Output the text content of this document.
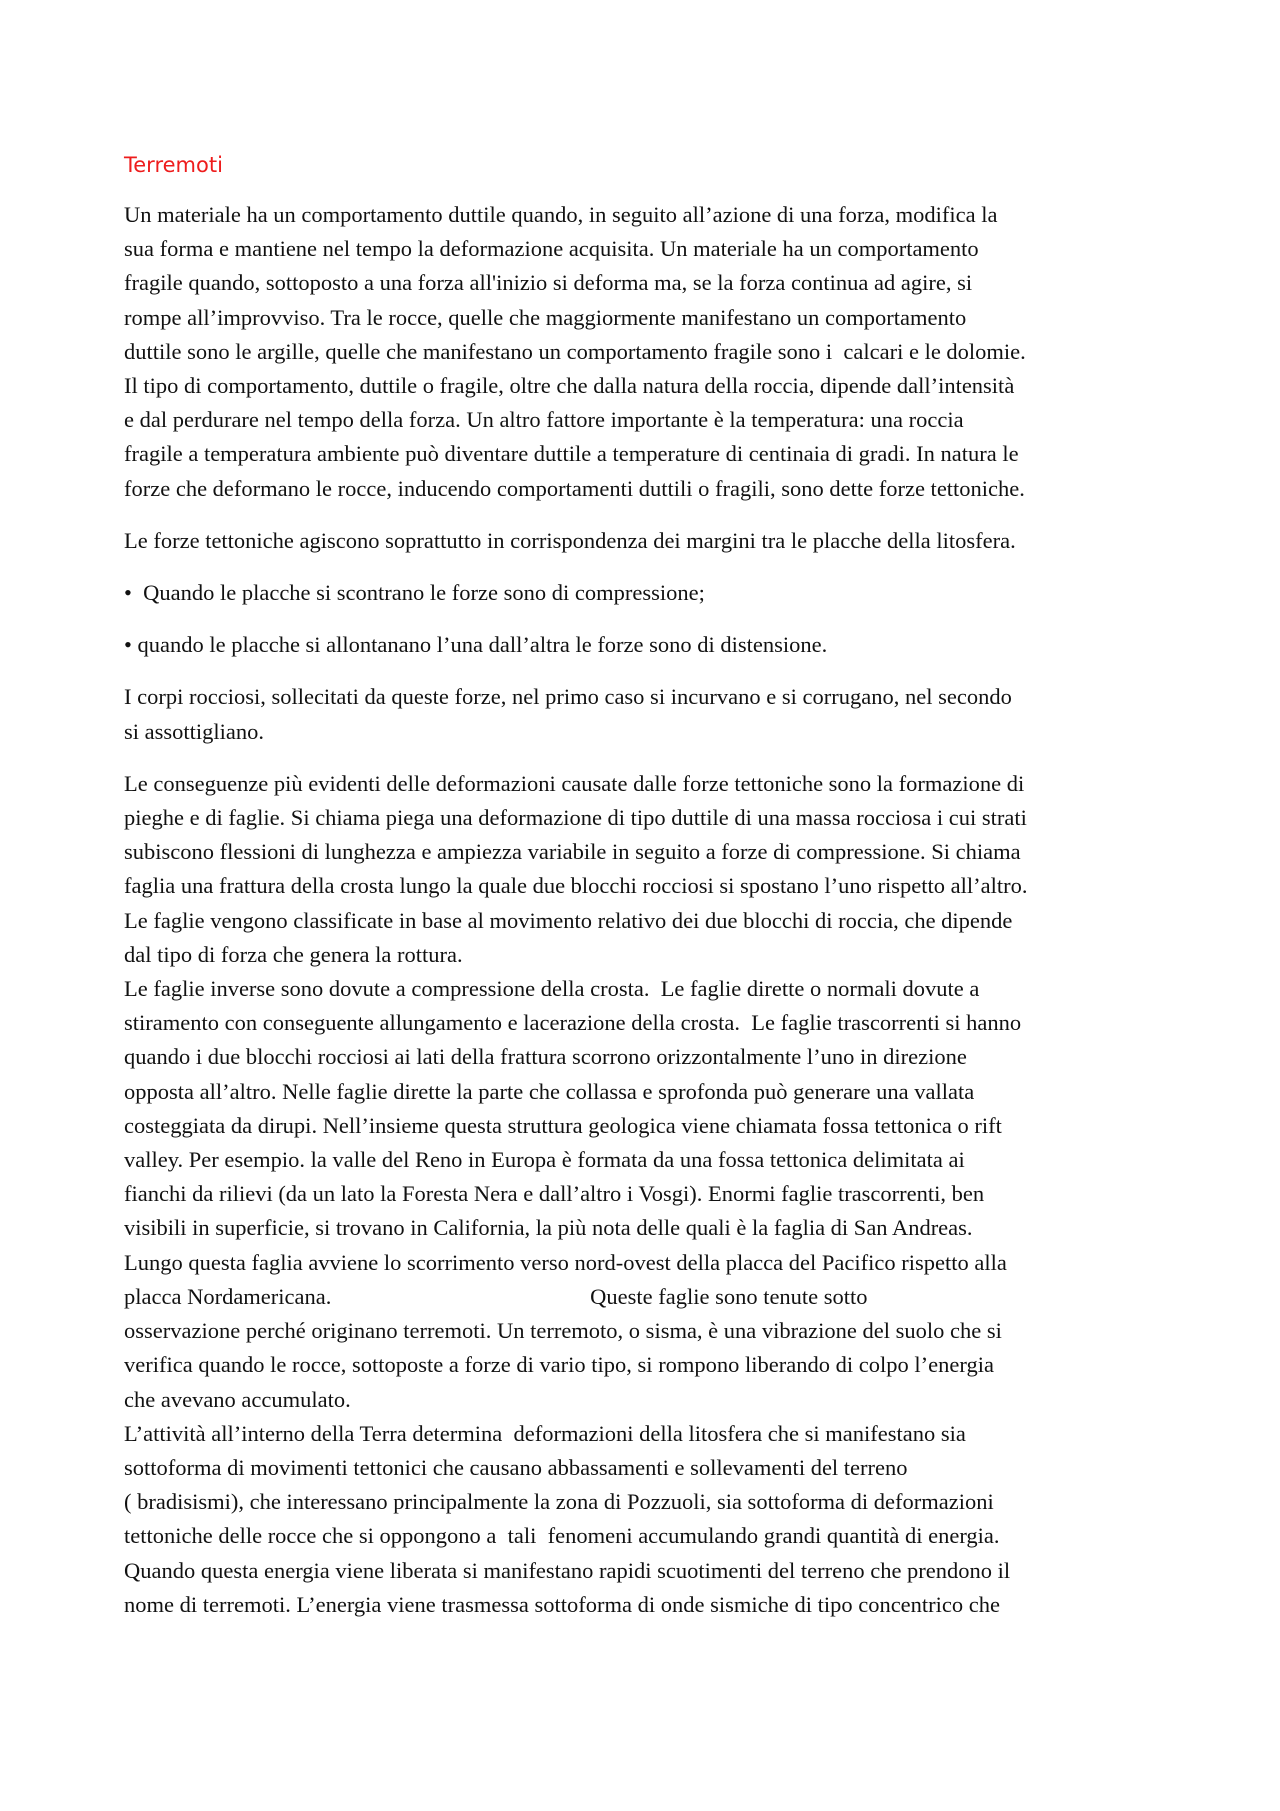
Terremoti

Un materiale ha un comportamento duttile quando, in seguito all’azione di una forza, modifica la
sua forma e mantiene nel tempo la deformazione acquisita. Un materiale ha un comportamento
fragile quando, sottoposto a una forza all'inizio si deforma ma, se la forza continua ad agire, si
rompe all’improvviso. Tra le rocce, quelle che maggiormente manifestano un comportamento
duttile sono le argille, quelle che manifestano un comportamento fragile sono i  calcari e le dolomie.
Il tipo di comportamento, duttile o fragile, oltre che dalla natura della roccia, dipende dall’intensità
e dal perdurare nel tempo della forza. Un altro fattore importante è la temperatura: una roccia
fragile a temperatura ambiente può diventare duttile a temperature di centinaia di gradi. In natura le
forze che deformano le rocce, inducendo comportamenti duttili o fragili, sono dette forze tettoniche.

Le forze tettoniche agiscono soprattutto in corrispondenza dei margini tra le placche della litosfera.

•  Quando le placche si scontrano le forze sono di compressione;

• quando le placche si allontanano l’una dall’altra le forze sono di distensione.

I corpi rocciosi, sollecitati da queste forze, nel primo caso si incurvano e si corrugano, nel secondo
si assottigliano.

Le conseguenze più evidenti delle deformazioni causate dalle forze tettoniche sono la formazione di
pieghe e di faglie. Si chiama piega una deformazione di tipo duttile di una massa rocciosa i cui strati
subiscono flessioni di lunghezza e ampiezza variabile in seguito a forze di compressione. Si chiama
faglia una frattura della crosta lungo la quale due blocchi rocciosi si spostano l’uno rispetto all’altro.
Le faglie vengono classificate in base al movimento relativo dei due blocchi di roccia, che dipende
dal tipo di forza che genera la rottura.
Le faglie inverse sono dovute a compressione della crosta.  Le faglie dirette o normali dovute a
stiramento con conseguente allungamento e lacerazione della crosta.  Le faglie trascorrenti si hanno
quando i due blocchi rocciosi ai lati della frattura scorrono orizzontalmente l’uno in direzione
opposta all’altro. Nelle faglie dirette la parte che collassa e sprofonda può generare una vallata
costeggiata da dirupi. Nell’insieme questa struttura geologica viene chiamata fossa tettonica o rift
valley. Per esempio. la valle del Reno in Europa è formata da una fossa tettonica delimitata ai
fianchi da rilievi (da un lato la Foresta Nera e dall’altro i Vosgi). Enormi faglie trascorrenti, ben
visibili in superficie, si trovano in California, la più nota delle quali è la faglia di San Andreas.
Lungo questa faglia avviene lo scorrimento verso nord-ovest della placca del Pacifico rispetto alla
placca Nordamericana.                                              Queste faglie sono tenute sotto
osservazione perché originano terremoti. Un terremoto, o sisma, è una vibrazione del suolo che si
verifica quando le rocce, sottoposte a forze di vario tipo, si rompono liberando di colpo l’energia
che avevano accumulato.
L’attività all’interno della Terra determina  deformazioni della litosfera che si manifestano sia
sottoforma di movimenti tettonici che causano abbassamenti e sollevamenti del terreno
( bradisismi), che interessano principalmente la zona di Pozzuoli, sia sottoforma di deformazioni
tettoniche delle rocce che si oppongono a  tali  fenomeni accumulando grandi quantità di energia.
Quando questa energia viene liberata si manifestano rapidi scuotimenti del terreno che prendono il
nome di terremoti. L’energia viene trasmessa sottoforma di onde sismiche di tipo concentrico che
